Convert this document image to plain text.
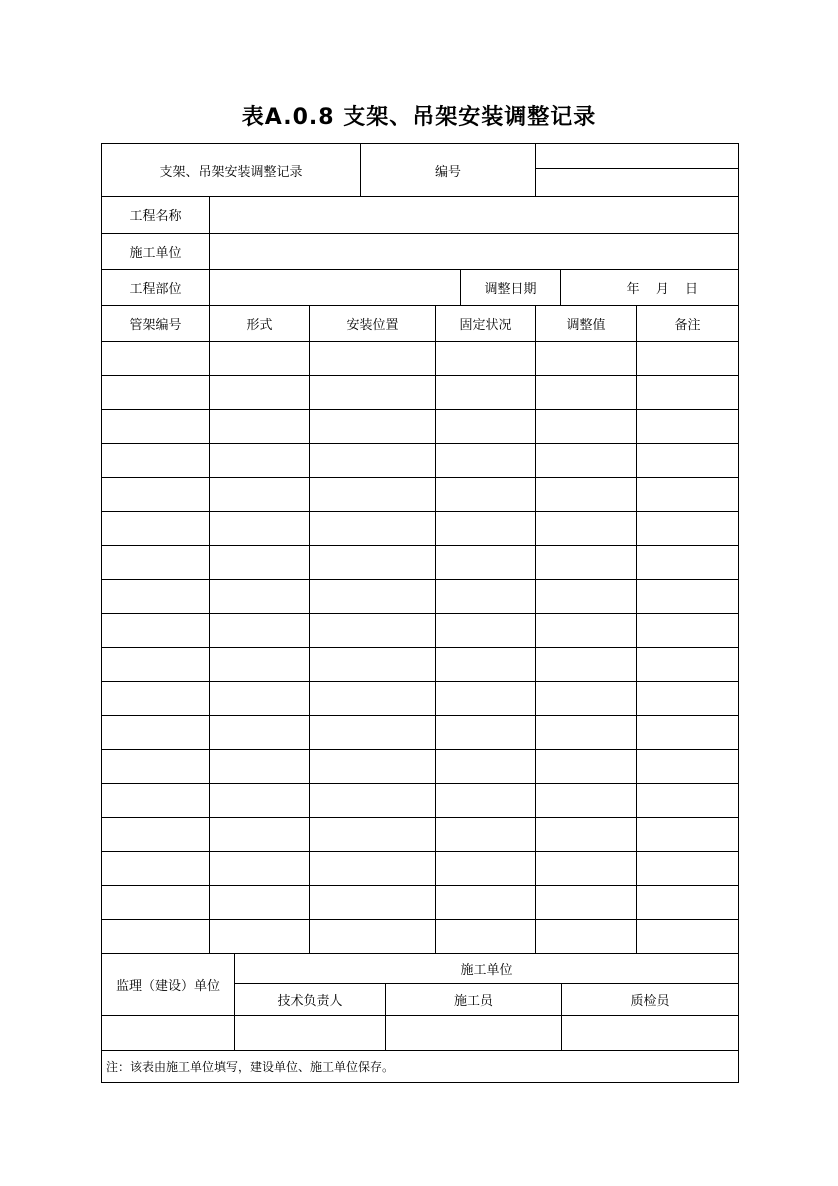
表A.0.8 支架、吊架安装调整记录
支架、吊架安装调整记录	编号	

工程名称			
施工单位			
工程部位		调整日期	年 月 日
管架编号	形式	安装位置	固定状况	调整值	备注

监理（建设）单位	施工单位		
	技术负责人	施工员	质检员

注：该表由施工单位填写，建设单位、施工单位保存。			
